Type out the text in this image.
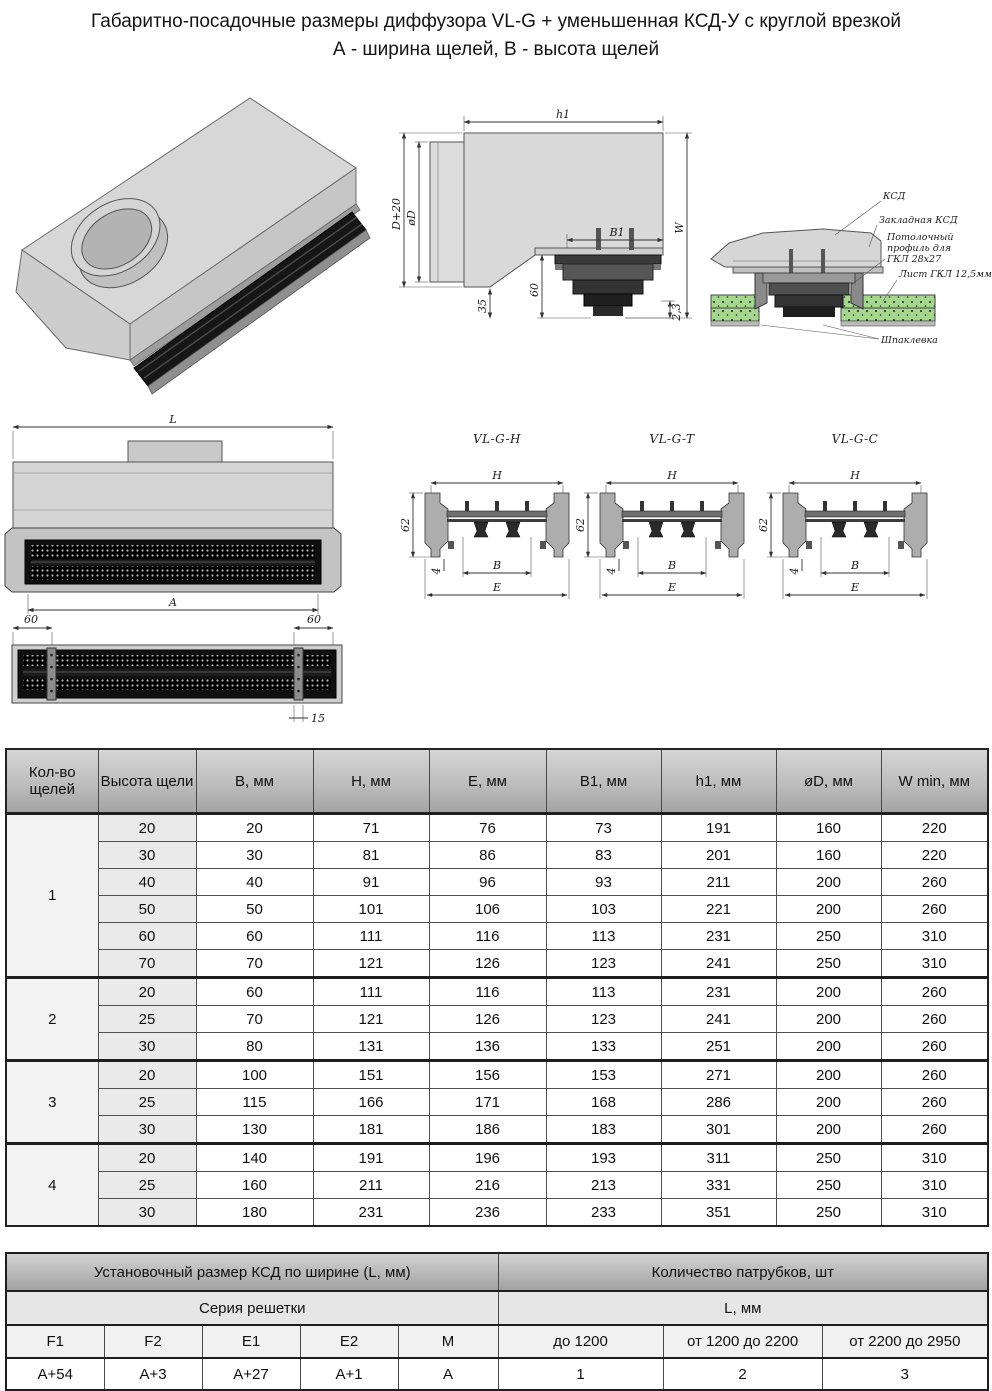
Габаритно-посадочные размеры диффузора VL-G + уменьшенная КСД-У с круглой врезкой
А - ширина щелей, В - высота щелей
h1
D+20 øD
W
B1
60
35	2,3
КСД
Закладная КСД
Потолочный
профиль для
ГКЛ 28х27
Лист ГКЛ 12,5мм
Шпаклевка
L
A
60	60
15
VL-G-H
H
62
4	B
E
VL-G-T
H
62
4	B
E
VL-G-C
H
62
4	B
E
Кол-во щелей	Высота щели	B, мм	H, мм	E, мм	B1, мм	h1, мм	øD, мм	W min, мм
1	20	20	71	76	73	191	160	220
	30	30	81	86	83	201	160	220
	40	40	91	96	93	211	200	260
	50	50	101	106	103	221	200	260
	60	60	111	116	113	231	250	310
	70	70	121	126	123	241	250	310
2	20	60	111	116	113	231	200	260
	25	70	121	126	123	241	200	260
	30	80	131	136	133	251	200	260
3	20	100	151	156	153	271	200	260
	25	115	166	171	168	286	200	260
	30	130	181	186	183	301	200	260
4	20	140	191	196	193	311	250	310
	25	160	211	216	213	331	250	310
	30	180	231	236	233	351	250	310
Установочный размер КСД по ширине (L, мм)					Количество патрубков, шт		
Серия решетки					L, мм		
F1	F2	E1	E2	M	до 1200	от 1200 до 2200	от 2200 до 2950
A+54	A+3	A+27	A+1	A	1	2	3
